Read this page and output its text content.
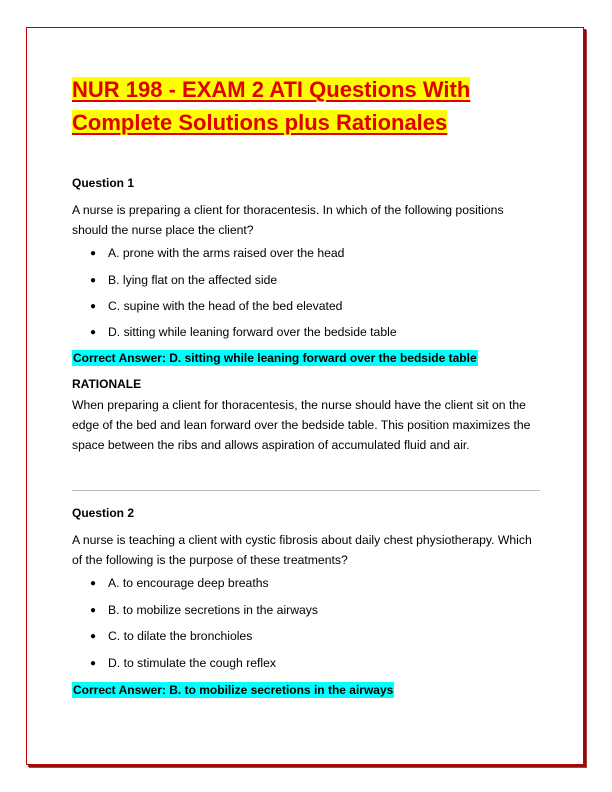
NUR 198 - EXAM 2 ATI Questions With Complete Solutions plus Rationales

Question 1

A nurse is preparing a client for thoracentesis. In which of the following positions should the nurse place the client?

● A. prone with the arms raised over the head
● B. lying flat on the affected side
● C. supine with the head of the bed elevated
● D. sitting while leaning forward over the bedside table

Correct Answer: D. sitting while leaning forward over the bedside table

RATIONALE

When preparing a client for thoracentesis, the nurse should have the client sit on the edge of the bed and lean forward over the bedside table. This position maximizes the space between the ribs and allows aspiration of accumulated fluid and air.

Question 2

A nurse is teaching a client with cystic fibrosis about daily chest physiotherapy. Which of the following is the purpose of these treatments?

● A. to encourage deep breaths
● B. to mobilize secretions in the airways
● C. to dilate the bronchioles
● D. to stimulate the cough reflex

Correct Answer: B. to mobilize secretions in the airways
